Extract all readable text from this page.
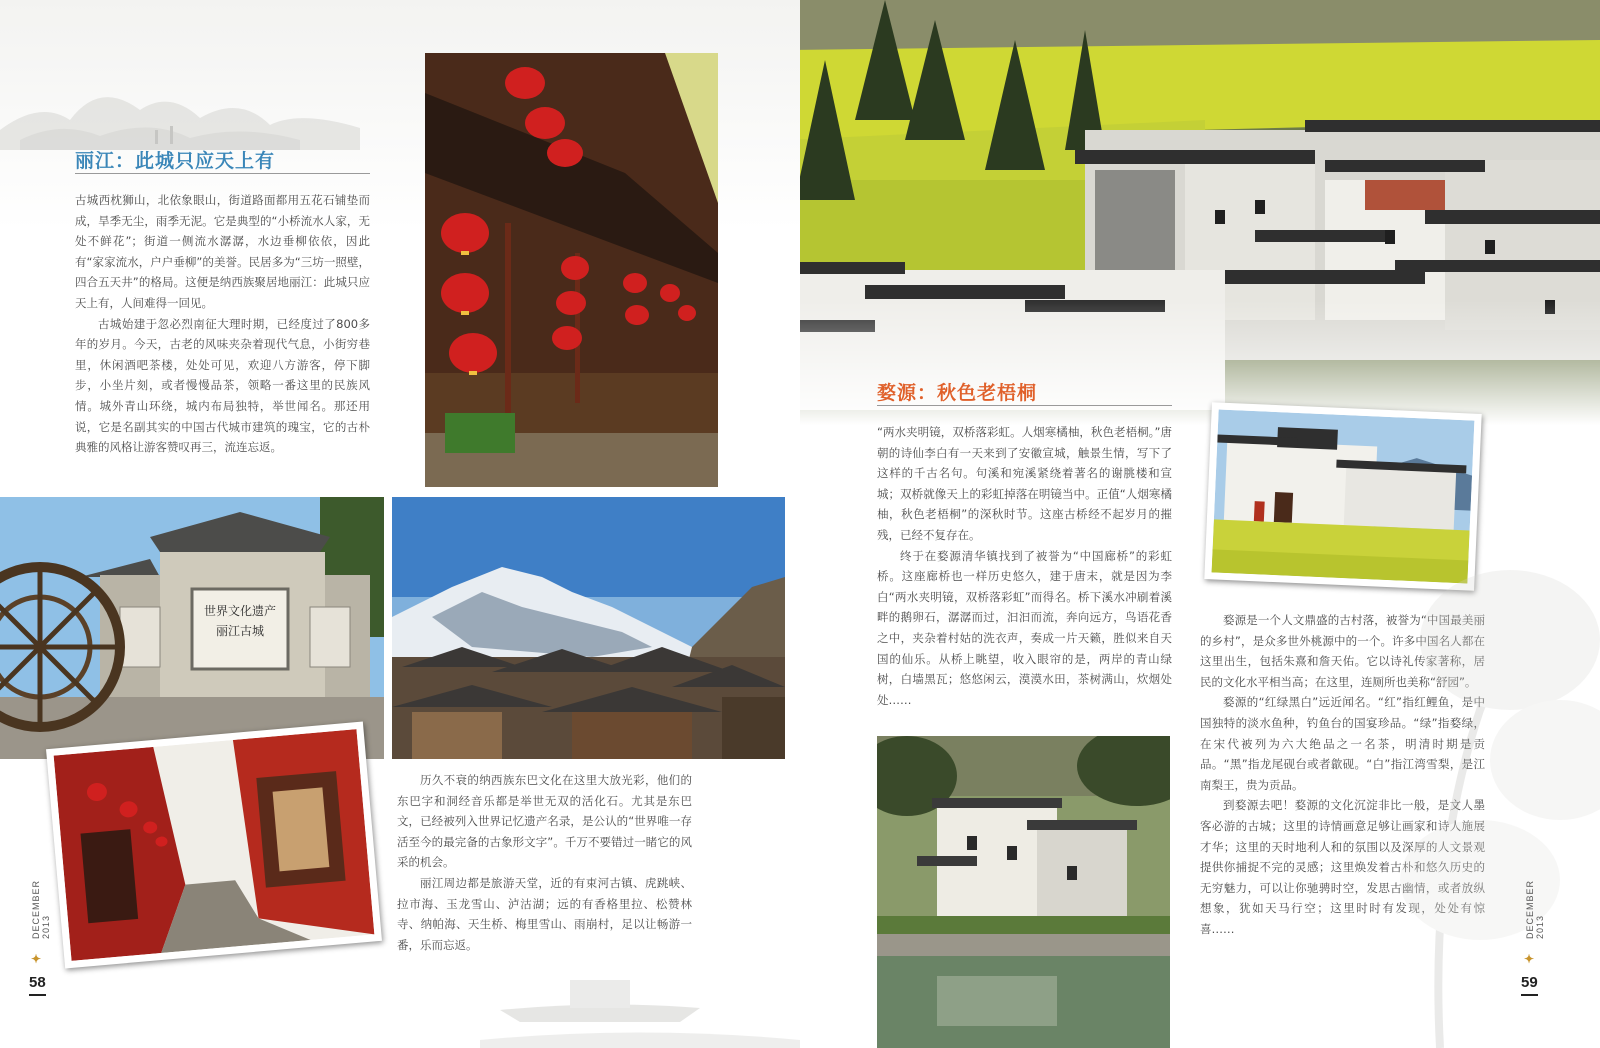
丽江：此城只应天上有

古城西枕狮山，北依象眼山，街道路面都用五花石铺垫而成，旱季无尘，雨季无泥。它是典型的“小桥流水人家，无处不鲜花”；街道一侧流水潺潺，水边垂柳依依，因此有“家家流水，户户垂柳”的美誉。民居多为“三坊一照壁，四合五天井”的格局。这便是纳西族聚居地丽江：此城只应天上有，人间难得一回见。

古城始建于忽必烈南征大理时期，已经度过了800多年的岁月。今天，古老的风味夹杂着现代气息，小街穷巷里，休闲酒吧茶楼，处处可见，欢迎八方游客，停下脚步，小坐片刻，或者慢慢品茶，领略一番这里的民族风情。城外青山环绕，城内布局独特，举世闻名。那还用说，它是名副其实的中国古代城市建筑的瑰宝，它的古朴典雅的风格让游客赞叹再三，流连忘返。

世界文化遗产
丽江古城

历久不衰的纳西族东巴文化在这里大放光彩，他们的东巴字和洞经音乐都是举世无双的活化石。尤其是东巴文，已经被列入世界记忆遗产名录，是公认的“世界唯一存活至今的最完备的古象形文字”。千万不要错过一睹它的风采的机会。

丽江周边都是旅游天堂，近的有束河古镇、虎跳峡、拉市海、玉龙雪山、泸沽湖；远的有香格里拉、松赞林寺、纳帕海、天生桥、梅里雪山、雨崩村，足以让畅游一番，乐而忘返。

DECEMBER 2013
✦
58
婺源：秋色老梧桐

“两水夹明镜，双桥落彩虹。人烟寒橘柚，秋色老梧桐。”唐朝的诗仙李白有一天来到了安徽宣城，触景生情，写下了这样的千古名句。句溪和宛溪紧绕着著名的谢朓楼和宣城；双桥就像天上的彩虹掉落在明镜当中。正值“人烟寒橘柚，秋色老梧桐”的深秋时节。这座古桥经不起岁月的摧残，已经不复存在。

终于在婺源清华镇找到了被誉为“中国廊桥”的彩虹桥。这座廊桥也一样历史悠久，建于唐末，就是因为李白“两水夹明镜，双桥落彩虹”而得名。桥下溪水冲刷着溪畔的鹅卵石，潺潺而过，汩汩而流，奔向远方，鸟语花香之中，夹杂着村姑的洗衣声，奏成一片天籁，胜似来自天国的仙乐。从桥上眺望，收入眼帘的是，两岸的青山绿树，白墙黑瓦；悠悠闲云，漠漠水田，茶树满山，炊烟处处……

婺源是一个人文鼎盛的古村落，被誉为“中国最美丽的乡村”，是众多世外桃源中的一个。许多中国名人都在这里出生，包括朱熹和詹天佑。它以诗礼传家著称，居民的文化水平相当高；在这里，连厕所也美称“舒园”。

婺源的“红绿黑白”远近闻名。“红”指红鲤鱼，是中国独特的淡水鱼种，钓鱼台的国宴珍品。“绿”指婺绿，在宋代被列为六大绝品之一名茶，明清时期是贡品。“黑”指龙尾砚台或者歙砚。“白”指江湾雪梨，是江南梨王，贵为贡品。

到婺源去吧！婺源的文化沉淀非比一般，是文人墨客必游的古城；这里的诗情画意足够让画家和诗人施展才华；这里的天时地利人和的氛围以及深厚的人文景观提供你捕捉不完的灵感；这里焕发着古朴和悠久历史的无穷魅力，可以让你驰骋时空，发思古幽情，或者放纵想象，犹如天马行空；这里时时有发现，处处有惊喜……	DECEMBER 2013
✦
59
